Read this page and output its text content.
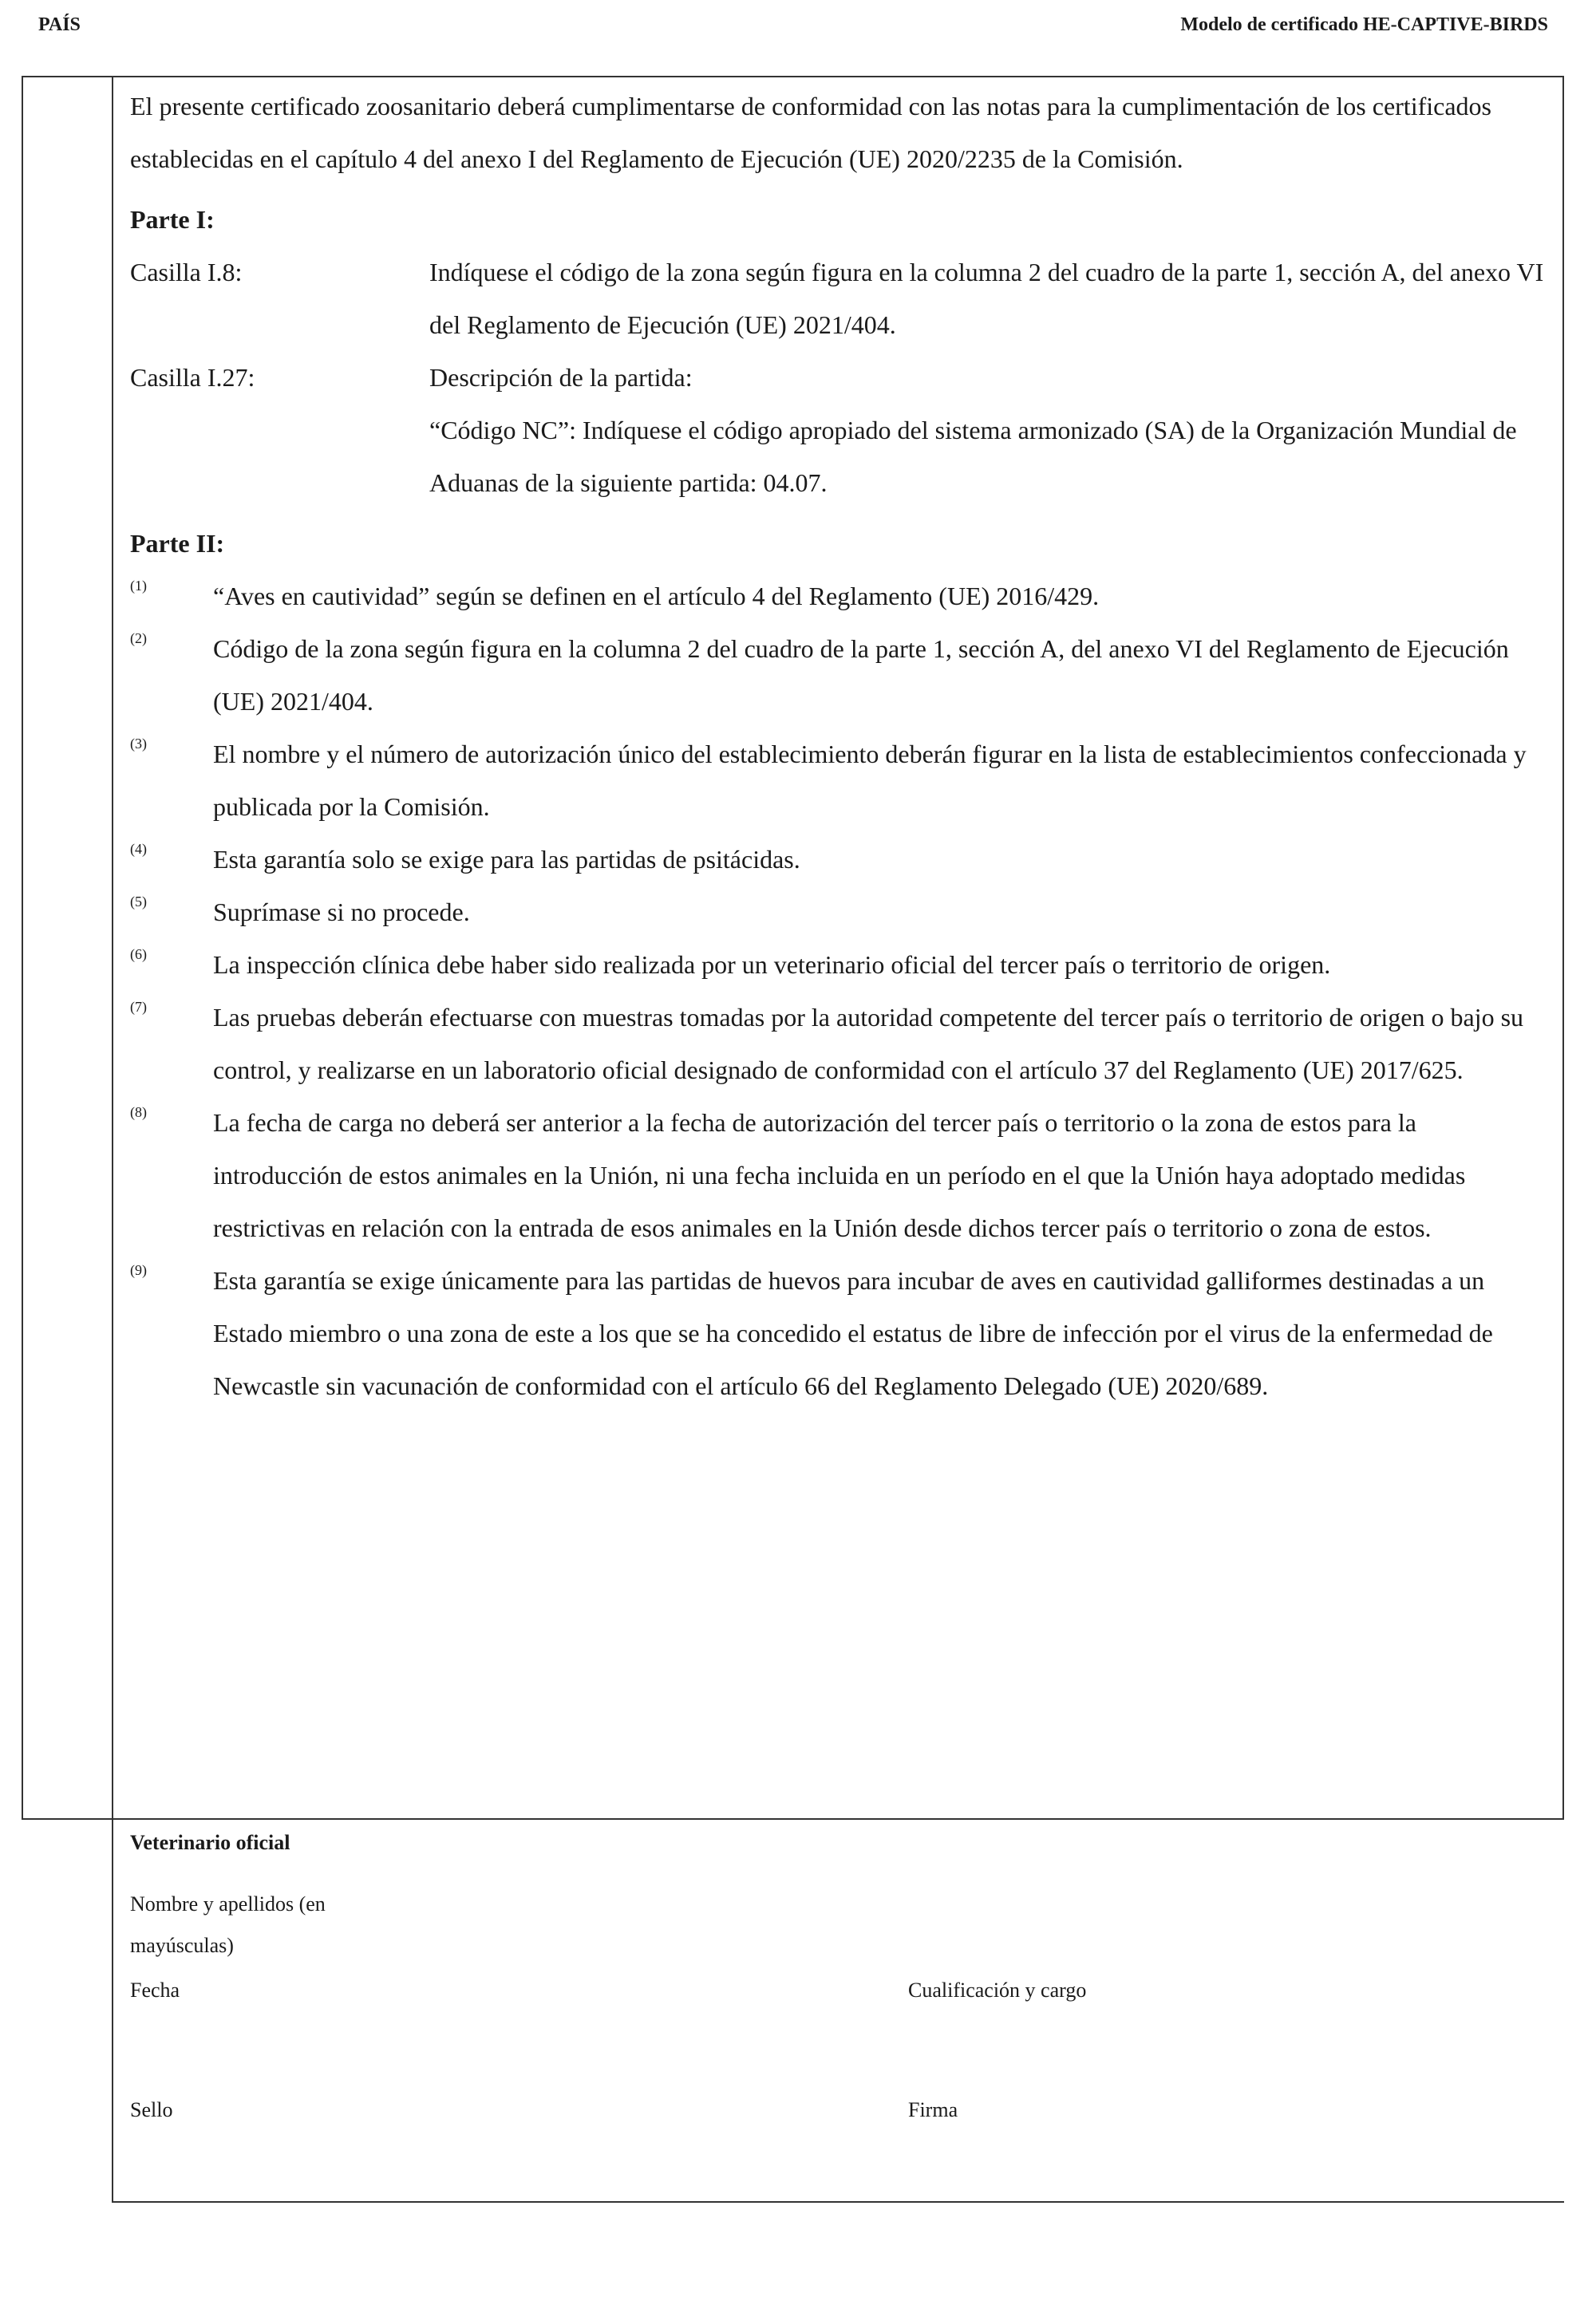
PAÍS	Modelo de certificado HE-CAPTIVE-BIRDS

El presente certificado zoosanitario deberá cumplimentarse de conformidad con las notas para la cumplimentación de los certificados establecidas en el capítulo 4 del anexo I del Reglamento de Ejecución (UE) 2020/2235 de la Comisión.

Parte I:
Casilla I.8:	Indíquese el código de la zona según figura en la columna 2 del cuadro de la parte 1, sección A, del anexo VI del Reglamento de Ejecución (UE) 2021/404.
Casilla I.27:	Descripción de la partida:
“Código NC”: Indíquese el código apropiado del sistema armonizado (SA) de la Organización Mundial de Aduanas de la siguiente partida: 04.07.
Parte II:
(1)	“Aves en cautividad” según se definen en el artículo 4 del Reglamento (UE) 2016/429.
(2)	Código de la zona según figura en la columna 2 del cuadro de la parte 1, sección A, del anexo VI del Reglamento de Ejecución (UE) 2021/404.
(3)	El nombre y el número de autorización único del establecimiento deberán figurar en la lista de establecimientos confeccionada y publicada por la Comisión.
(4)	Esta garantía solo se exige para las partidas de psitácidas.
(5)	Suprímase si no procede.
(6)	La inspección clínica debe haber sido realizada por un veterinario oficial del tercer país o territorio de origen.
(7)	Las pruebas deberán efectuarse con muestras tomadas por la autoridad competente del tercer país o territorio de origen o bajo su control, y realizarse en un laboratorio oficial designado de conformidad con el artículo 37 del Reglamento (UE) 2017/625.
(8)	La fecha de carga no deberá ser anterior a la fecha de autorización del tercer país o territorio o la zona de estos para la introducción de estos animales en la Unión, ni una fecha incluida en un período en el que la Unión haya adoptado medidas restrictivas en relación con la entrada de esos animales en la Unión desde dichos tercer país o territorio o zona de estos.
(9)	Esta garantía se exige únicamente para las partidas de huevos para incubar de aves en cautividad galliformes destinadas a un Estado miembro o una zona de este a los que se ha concedido el estatus de libre de infección por el virus de la enfermedad de Newcastle sin vacunación de conformidad con el artículo 66 del Reglamento Delegado (UE) 2020/689.
Veterinario oficial
Nombre y apellidos (en mayúsculas)
Fecha	Cualificación y cargo
Sello	Firma
